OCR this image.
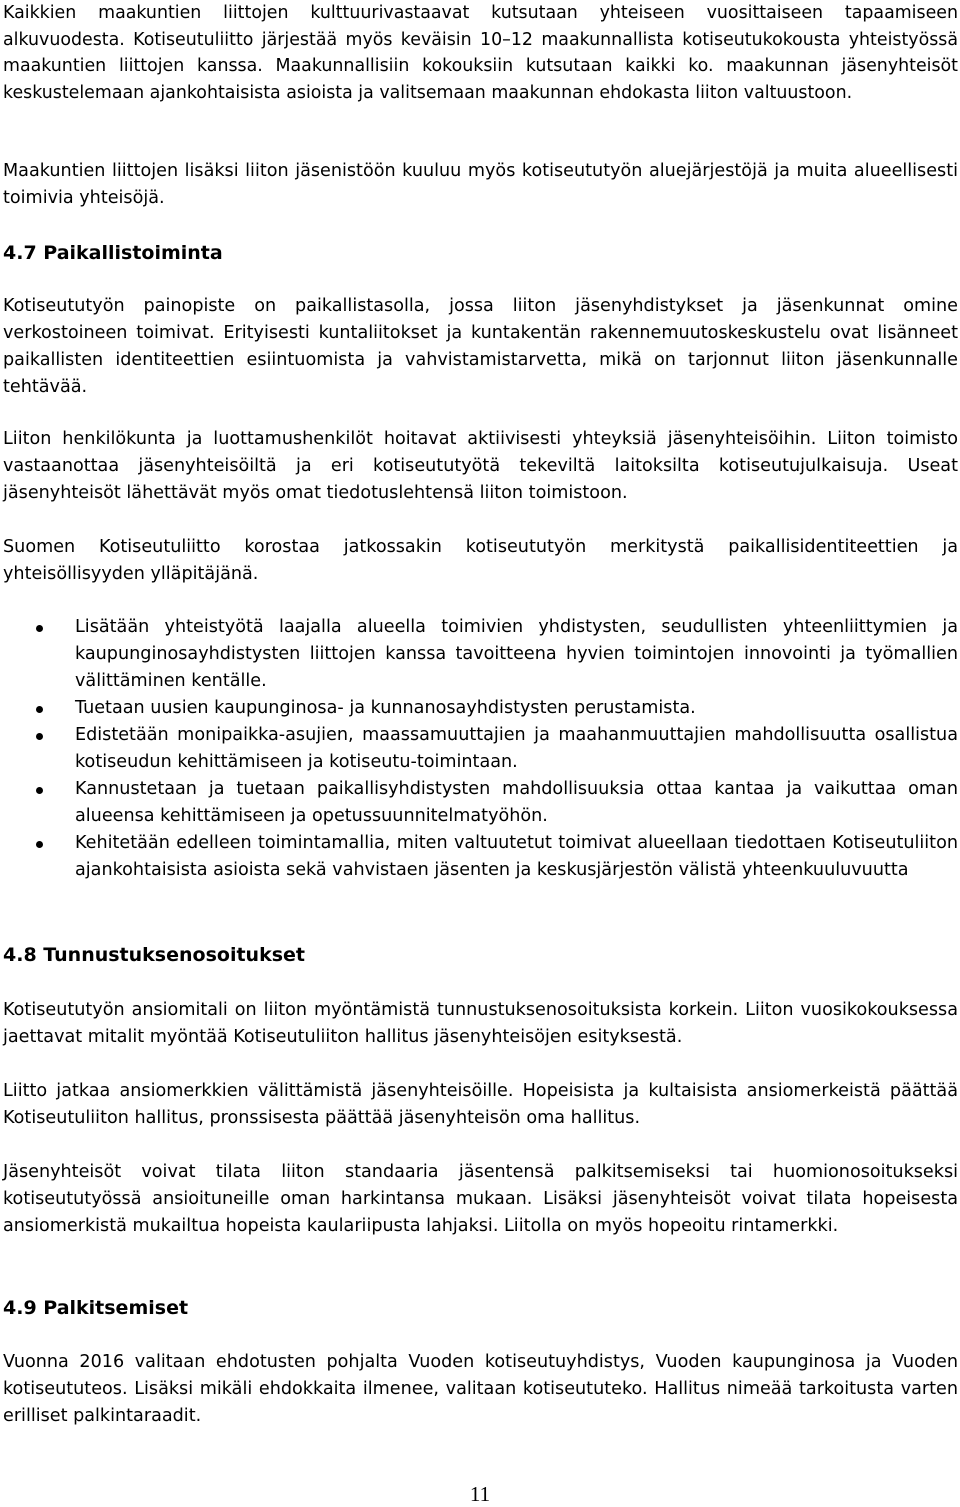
Kaikkien maakuntien liittojen kulttuurivastaavat kutsutaan yhteiseen vuosittaiseen tapaamiseen alkuvuodesta. Kotiseutuliitto järjestää myös keväisin 10–12 maakunnallista kotiseutukokousta yhteistyössä maakuntien liittojen kanssa. Maakunnallisiin kokouksiin kutsutaan kaikki ko. maakunnan jäsenyhteisöt keskustelemaan ajankohtaisista asioista ja valitsemaan maakunnan ehdokasta liiton valtuustoon.

Maakuntien liittojen lisäksi liiton jäsenistöön kuuluu myös kotiseututyön aluejärjestöjä ja muita alueellisesti toimivia yhteisöjä.

4.7 Paikallistoiminta

Kotiseututyön painopiste on paikallistasolla, jossa liiton jäsenyhdistykset ja jäsenkunnat omine verkostoineen toimivat. Erityisesti kuntaliitokset ja kuntakentän rakennemuutoskeskustelu ovat lisänneet paikallisten identiteettien esiintuomista ja vahvistamistarvetta, mikä on tarjonnut liiton jäsenkunnalle tehtävää.

Liiton henkilökunta ja luottamushenkilöt hoitavat aktiivisesti yhteyksiä jäsenyhteisöihin. Liiton toimisto vastaanottaa jäsenyhteisöiltä ja eri kotiseututyötä tekeviltä laitoksilta kotiseutujulkaisuja. Useat jäsenyhteisöt lähettävät myös omat tiedotuslehtensä liiton toimistoon.

Suomen Kotiseutuliitto korostaa jatkossakin kotiseututyön merkitystä paikallisidentiteettien ja yhteisöllisyyden ylläpitäjänä.

Lisätään yhteistyötä laajalla alueella toimivien yhdistysten, seudullisten yhteenliittymien ja kaupunginosayhdistysten liittojen kanssa tavoitteena hyvien toimintojen innovointi ja työmallien välittäminen kentälle.
Tuetaan uusien kaupunginosa- ja kunnanosayhdistysten perustamista.
Edistetään monipaikka-asujien, maassamuuttajien ja maahanmuuttajien mahdollisuutta osallistua kotiseudun kehittämiseen ja kotiseutu-toimintaan.
Kannustetaan ja tuetaan paikallisyhdistysten mahdollisuuksia ottaa kantaa ja vaikuttaa oman alueensa kehittämiseen ja opetussuunnitelmatyöhön.
Kehitetään edelleen toimintamallia, miten valtuutetut toimivat alueellaan tiedottaen Kotiseutuliiton ajankohtaisista asioista sekä vahvistaen jäsenten ja keskusjärjestön välistä yhteenkuuluvuutta
4.8 Tunnustuksenosoitukset

Kotiseututyön ansiomitali on liiton myöntämistä tunnustuksenosoituksista korkein. Liiton vuosikokouksessa jaettavat mitalit myöntää Kotiseutuliiton hallitus jäsenyhteisöjen esityksestä.

Liitto jatkaa ansiomerkkien välittämistä jäsenyhteisöille. Hopeisista ja kultaisista ansiomerkeistä päättää Kotiseutuliiton hallitus, pronssisesta päättää jäsenyhteisön oma hallitus.

Jäsenyhteisöt voivat tilata liiton standaaria jäsentensä palkitsemiseksi tai huomionosoitukseksi kotiseututyössä ansioituneille oman harkintansa mukaan. Lisäksi jäsenyhteisöt voivat tilata hopeisesta ansiomerkistä mukailtua hopeista kaulariipusta lahjaksi. Liitolla on myös hopeoitu rintamerkki.

4.9 Palkitsemiset

Vuonna 2016 valitaan ehdotusten pohjalta Vuoden kotiseutuyhdistys, Vuoden kaupunginosa ja Vuoden kotiseututeos. Lisäksi mikäli ehdokkaita ilmenee, valitaan kotiseututeko. Hallitus nimeää tarkoitusta varten erilliset palkintaraadit.

11
